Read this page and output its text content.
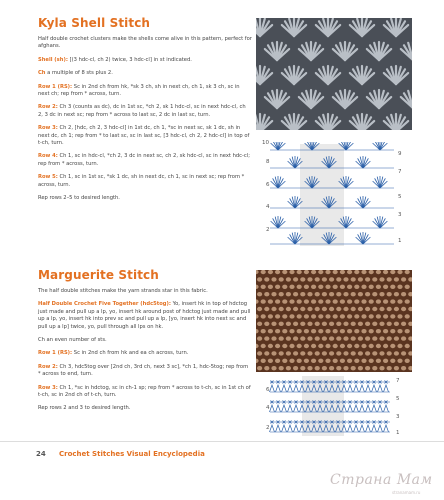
Kyla Shell Stitch

Half double crochet clusters make the shells come alive in this pattern, perfect for afghans.

Shell (sh): [(3 hdc-cl, ch 2) twice, 3 hdc-cl] in st indicated.

Ch a multiple of 8 sts plus 2.

Row 1 (RS): Sc in 2nd ch from hk, *sk 3 ch, sh in next ch, ch 1, sk 3 ch, sc in next ch; rep from * across, turn.

Row 2: Ch 3 (counts as dc), dc in 1st sc, *ch 2, sk 1 hdc-cl, sc in next hdc-cl, ch 2, 3 dc in next sc; rep from * across to last sc, 2 dc in last sc, turn.

Row 3: Ch 2, [hdc, ch 2, 3 hdc-cl] in 1st dc, ch 1, *sc in next sc, sk 1 dc, sh in next dc, ch 1; rep from * to last sc, sc in last sc, [3 hdc-cl, ch 2, 2 hdc-cl] in top of t-ch, turn.

Row 4: Ch 1, sc in hdc-cl, *ch 2, 3 dc in next sc, ch 2, sk hdc-cl, sc in next hdc-cl; rep from * across, turn.

Row 5: Ch 1, sc in 1st sc, *sk 1 dc, sh in next dc, ch 1, sc in next sc; rep from * across, turn.

Rep rows 2–5 to desired length.

10
8
6
4
2
9
7
5
3
1
Marguerite Stitch

The half double stitches make the yarn strands star in this fabric.

Half Double Crochet Five Together (hdc5tog): Yo, insert hk in top of hdctog just made and pull up a lp, yo, insert hk around post of hdctog just made and pull up a lp, yo, insert hk into prev sc and pull up a lp, [yo, insert hk into next sc and pull up a lp] twice, yo, pull through all lps on hk.

Ch an even number of sts.

Row 1 (RS): Sc in 2nd ch from hk and ea ch across, turn.

Row 2: Ch 3, hdc5tog over [2nd ch, 3rd ch, next 3 sc], *ch 1, hdc-5tog; rep from * across to end, turn.

Row 3: Ch 1, *sc in hdctog, sc in ch-1 sp; rep from * across to t-ch, sc in 1st ch of t-ch, sc in 2nd ch of t-ch, turn.

Rep rows 2 and 3 to desired length.

6
4
2
7
5
3
1
24 Crochet Stitches Visual Encyclopedia
Страна Мам
stranamam.ru
